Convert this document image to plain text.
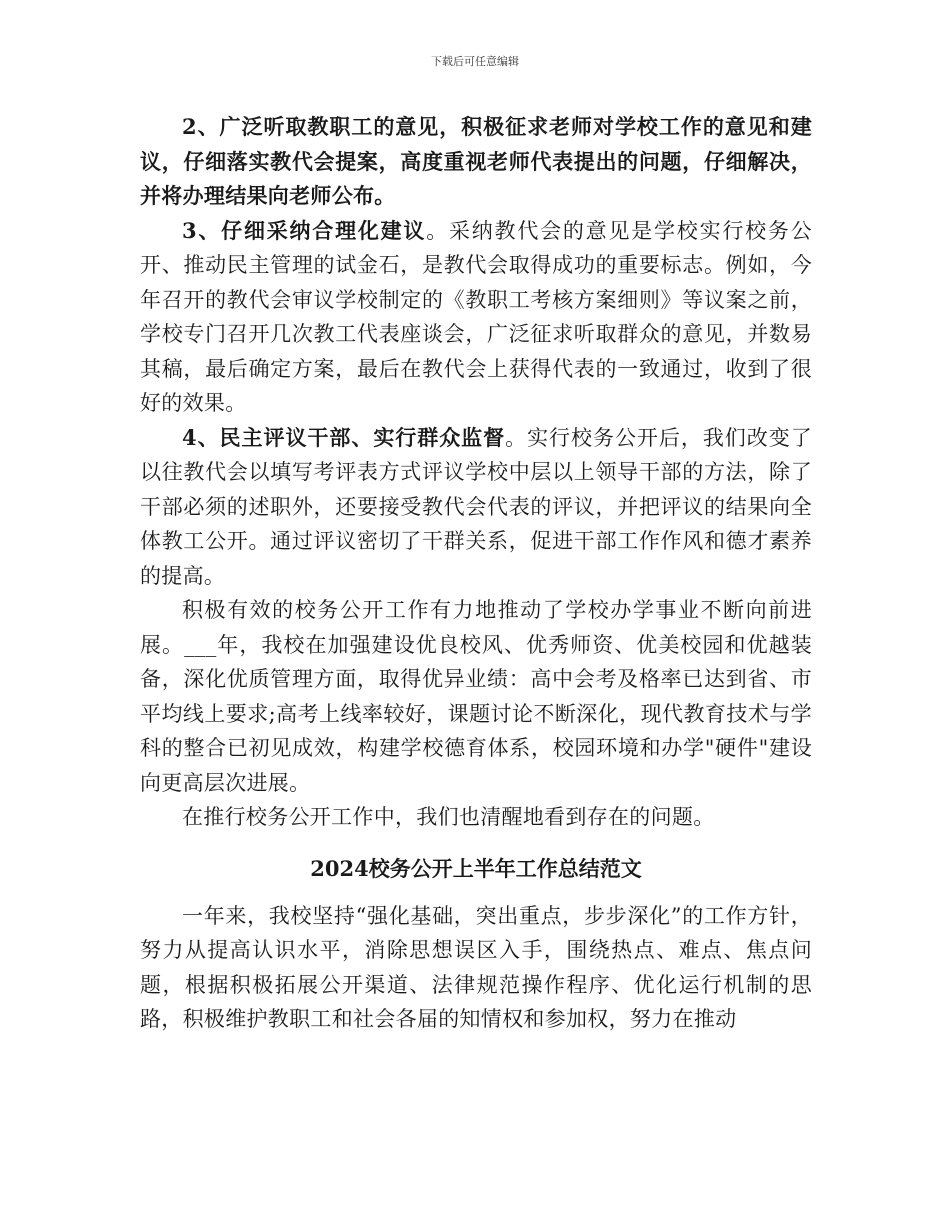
下载后可任意编辑

2、广泛听取教职工的意见，积极征求老师对学校工作的意见和建议，仔细落实教代会提案，高度重视老师代表提出的问题，仔细解决，并将办理结果向老师公布。

3、仔细采纳合理化建议。采纳教代会的意见是学校实行校务公开、推动民主管理的试金石，是教代会取得成功的重要标志。例如，今年召开的教代会审议学校制定的《教职工考核方案细则》等议案之前，学校专门召开几次教工代表座谈会，广泛征求听取群众的意见，并数易其稿，最后确定方案，最后在教代会上获得代表的一致通过，收到了很好的效果。

4、民主评议干部、实行群众监督。实行校务公开后，我们改变了以往教代会以填写考评表方式评议学校中层以上领导干部的方法，除了干部必须的述职外，还要接受教代会代表的评议，并把评议的结果向全体教工公开。通过评议密切了干群关系，促进干部工作作风和德才素养的提高。

积极有效的校务公开工作有力地推动了学校办学事业不断向前进展。___年，我校在加强建设优良校风、优秀师资、优美校园和优越装备，深化优质管理方面，取得优异业绩：高中会考及格率已达到省、市平均线上要求;高考上线率较好，课题讨论不断深化，现代教育技术与学科的整合已初见成效，构建学校德育体系，校园环境和办学"硬件"建设向更高层次进展。

在推行校务公开工作中，我们也清醒地看到存在的问题。

2024校务公开上半年工作总结范文

一年来，我校坚持“强化基础，突出重点，步步深化”的工作方针，努力从提高认识水平，消除思想误区入手，围绕热点、难点、焦点问题，根据积极拓展公开渠道、法律规范操作程序、优化运行机制的思路，积极维护教职工和社会各届的知情权和参加权，努力在推动
